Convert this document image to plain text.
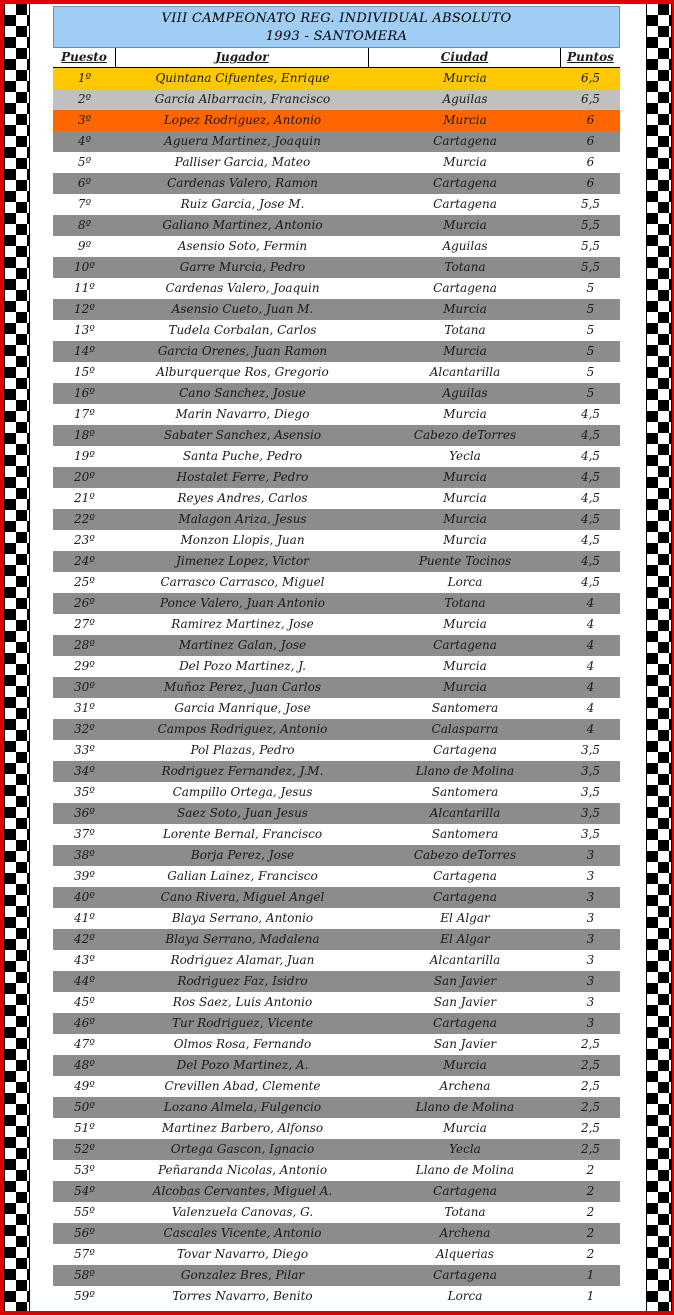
VIII CAMPEONATO REG. INDIVIDUAL ABSOLUTO
1993 - SANTOMERA
Puesto	Jugador	Ciudad	Puntos
1º	Quintana Cifuentes, Enrique	Murcia	6,5
2º	Garcia Albarracin, Francisco	Aguilas	6,5
3º	Lopez Rodriguez, Antonio	Murcia	6
4º	Aguera Martinez, Joaquin	Cartagena	6
5º	Palliser Garcia, Mateo	Murcia	6
6º	Cardenas Valero, Ramon	Cartagena	6
7º	Ruiz Garcia, Jose M.	Cartagena	5,5
8º	Galiano Martinez, Antonio	Murcia	5,5
9º	Asensio Soto, Fermin	Aguilas	5,5
10º	Garre Murcia, Pedro	Totana	5,5
11º	Cardenas Valero, Joaquin	Cartagena	5
12º	Asensio Cueto, Juan M.	Murcia	5
13º	Tudela Corbalan, Carlos	Totana	5
14º	Garcia Orenes, Juan Ramon	Murcia	5
15º	Alburquerque Ros, Gregorio	Alcantarilla	5
16º	Cano Sanchez, Josue	Aguilas	5
17º	Marin Navarro, Diego	Murcia	4,5
18º	Sabater Sanchez, Asensio	Cabezo deTorres	4,5
19º	Santa Puche, Pedro	Yecla	4,5
20º	Hostalet Ferre, Pedro	Murcia	4,5
21º	Reyes Andres, Carlos	Murcia	4,5
22º	Malagon Ariza, Jesus	Murcia	4,5
23º	Monzon Llopis, Juan	Murcia	4,5
24º	Jimenez Lopez, Victor	Puente Tocinos	4,5
25º	Carrasco Carrasco, Miguel	Lorca	4,5
26º	Ponce Valero, Juan Antonio	Totana	4
27º	Ramirez Martinez, Jose	Murcia	4
28º	Martinez Galan, Jose	Cartagena	4
29º	Del Pozo Martinez, J.	Murcia	4
30º	Muñoz Perez, Juan Carlos	Murcia	4
31º	Garcia Manrique, Jose	Santomera	4
32º	Campos Rodriguez, Antonio	Calasparra	4
33º	Pol Plazas, Pedro	Cartagena	3,5
34º	Rodriguez Fernandez, J.M.	Llano de Molina	3,5
35º	Campillo Ortega, Jesus	Santomera	3,5
36º	Saez Soto, Juan Jesus	Alcantarilla	3,5
37º	Lorente Bernal, Francisco	Santomera	3,5
38º	Borja Perez, Jose	Cabezo deTorres	3
39º	Galian Lainez, Francisco	Cartagena	3
40º	Cano Rivera, Miguel Angel	Cartagena	3
41º	Blaya Serrano, Antonio	El Algar	3
42º	Blaya Serrano, Madalena	El Algar	3
43º	Rodriguez Alamar, Juan	Alcantarilla	3
44º	Rodriguez Faz, Isidro	San Javier	3
45º	Ros Saez, Luis Antonio	San Javier	3
46º	Tur Rodriguez, Vicente	Cartagena	3
47º	Olmos Rosa, Fernando	San Javier	2,5
48º	Del Pozo Martinez, A.	Murcia	2,5
49º	Crevillen Abad, Clemente	Archena	2,5
50º	Lozano Almela, Fulgencio	Llano de Molina	2,5
51º	Martinez Barbero, Alfonso	Murcia	2,5
52º	Ortega Gascon, Ignacio	Yecla	2,5
53º	Peñaranda Nicolas, Antonio	Llano de Molina	2
54º	Alcobas Cervantes, Miguel A.	Cartagena	2
55º	Valenzuela Canovas, G.	Totana	2
56º	Cascales Vicente, Antonio	Archena	2
57º	Tovar Navarro, Diego	Alquerias	2
58º	Gonzalez Bres, Pilar	Cartagena	1
59º	Torres Navarro, Benito	Lorca	1
